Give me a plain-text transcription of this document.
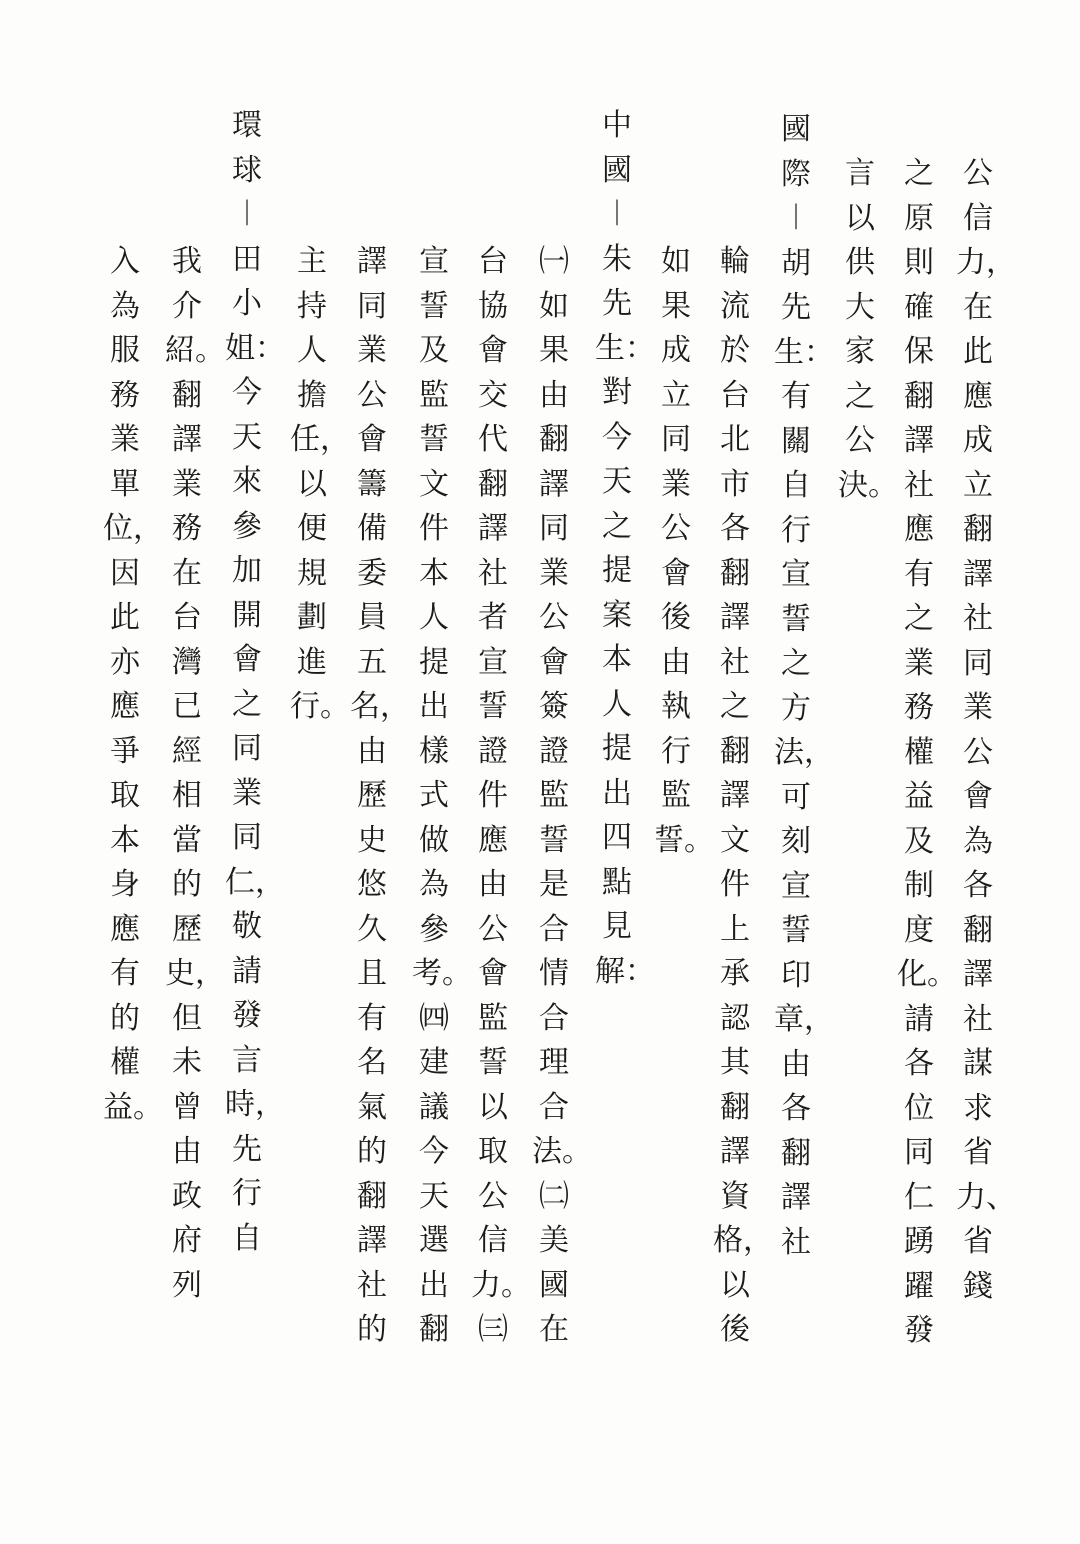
公信力，在此應成立翻譯社同業公會為各翻譯社謀求省力、省錢
之原則確保翻譯社應有之業務權益及制度化。請各位同仁踴躍發
言以供大家之公決。
國際︱胡先生：有關自行宣誓之方法，可刻宣誓印章，由各翻譯社
輪流於台北市各翻譯社之翻譯文件上承認其翻譯資格，以後
如果成立同業公會後由執行監誓。
中國︱朱先生：對今天之提案本人提出四點見解：
㈠如果由翻譯同業公會簽證監誓是合情合理合法。㈡美國在
台協會交代翻譯社者宣誓證件應由公會監誓以取公信力。㈢
宣誓及監誓文件本人提出樣式做為參考。㈣建議今天選出翻
譯同業公會籌備委員五名，由歷史悠久且有名氣的翻譯社的
主持人擔任，以便規劃進行。
環球︱田小姐：今天來參加開會之同業同仁，敬請發言時，先行自
我介紹。翻譯業務在台灣已經相當的歷史，但未曾由政府列
入為服務業單位，因此亦應爭取本身應有的權益。
